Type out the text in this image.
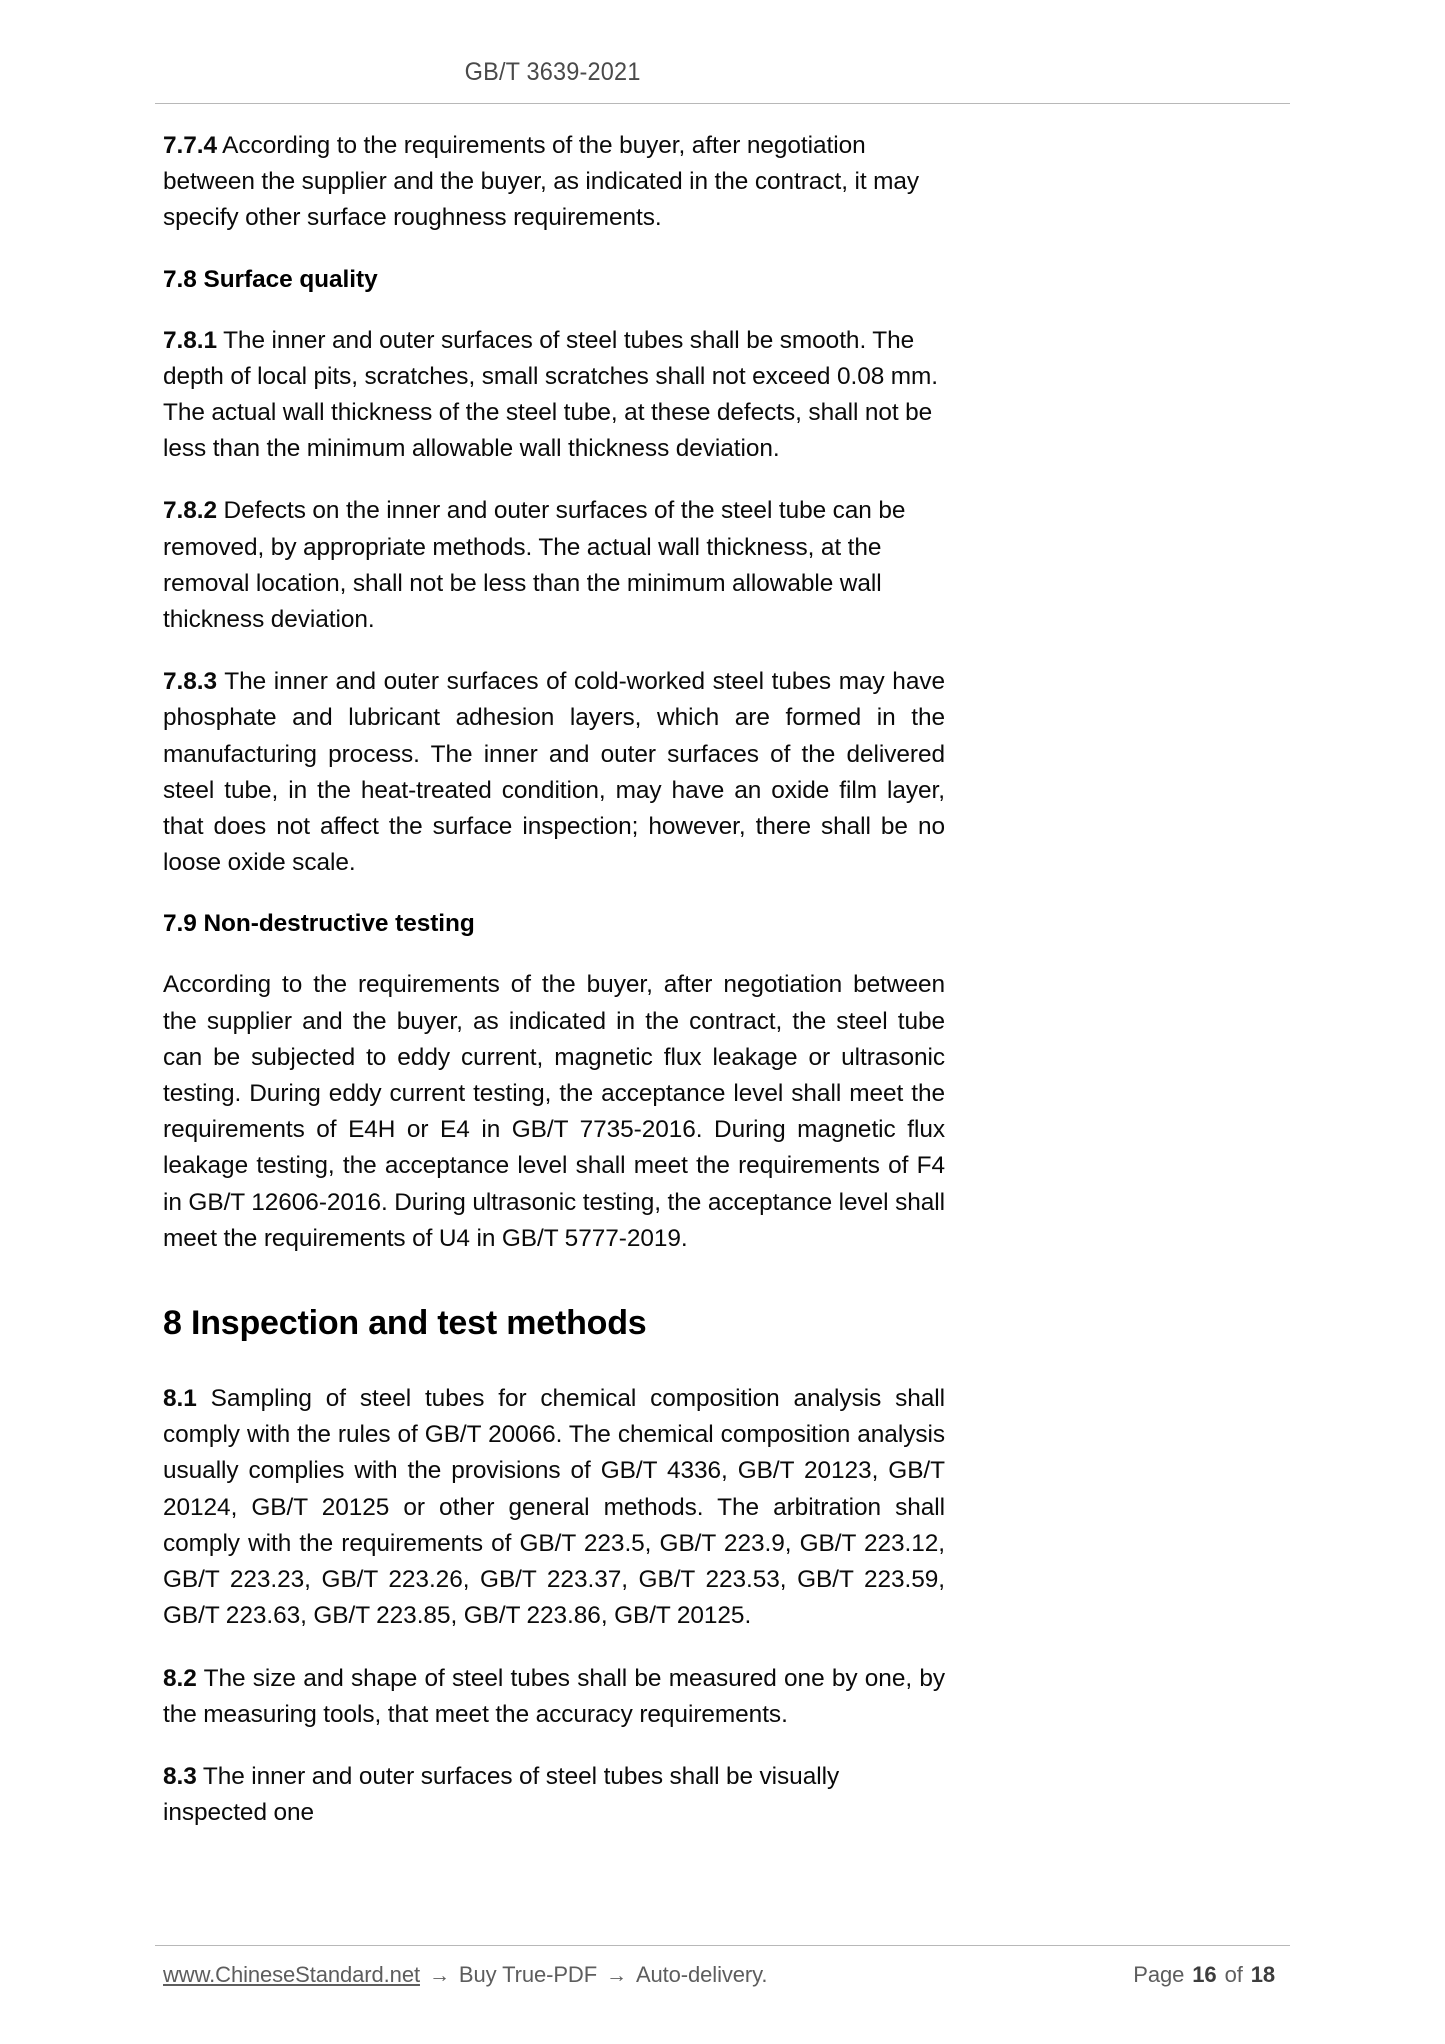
GB/T 3639-2021

7.7.4 According to the requirements of the buyer, after negotiation between the supplier and the buyer, as indicated in the contract, it may specify other surface roughness requirements.

7.8 Surface quality

7.8.1 The inner and outer surfaces of steel tubes shall be smooth. The depth of local pits, scratches, small scratches shall not exceed 0.08 mm. The actual wall thickness of the steel tube, at these defects, shall not be less than the minimum allowable wall thickness deviation.

7.8.2 Defects on the inner and outer surfaces of the steel tube can be removed, by appropriate methods. The actual wall thickness, at the removal location, shall not be less than the minimum allowable wall thickness deviation.

7.8.3 The inner and outer surfaces of cold-worked steel tubes may have phosphate and lubricant adhesion layers, which are formed in the manufacturing process. The inner and outer surfaces of the delivered steel tube, in the heat-treated condition, may have an oxide film layer, that does not affect the surface inspection; however, there shall be no loose oxide scale.

7.9 Non-destructive testing

According to the requirements of the buyer, after negotiation between the supplier and the buyer, as indicated in the contract, the steel tube can be subjected to eddy current, magnetic flux leakage or ultrasonic testing. During eddy current testing, the acceptance level shall meet the requirements of E4H or E4 in GB/T 7735-2016. During magnetic flux leakage testing, the acceptance level shall meet the requirements of F4 in GB/T 12606-2016. During ultrasonic testing, the acceptance level shall meet the requirements of U4 in GB/T 5777-2019.

8 Inspection and test methods

8.1 Sampling of steel tubes for chemical composition analysis shall comply with the rules of GB/T 20066. The chemical composition analysis usually complies with the provisions of GB/T 4336, GB/T 20123, GB/T 20124, GB/T 20125 or other general methods. The arbitration shall comply with the requirements of GB/T 223.5, GB/T 223.9, GB/T 223.12, GB/T 223.23, GB/T 223.26, GB/T 223.37, GB/T 223.53, GB/T 223.59, GB/T 223.63, GB/T 223.85, GB/T 223.86, GB/T 20125.

8.2 The size and shape of steel tubes shall be measured one by one, by the measuring tools, that meet the accuracy requirements.

8.3 The inner and outer surfaces of steel tubes shall be visually inspected one

www.ChineseStandard.net → Buy True-PDF → Auto-delivery.	Page 16 of 18
